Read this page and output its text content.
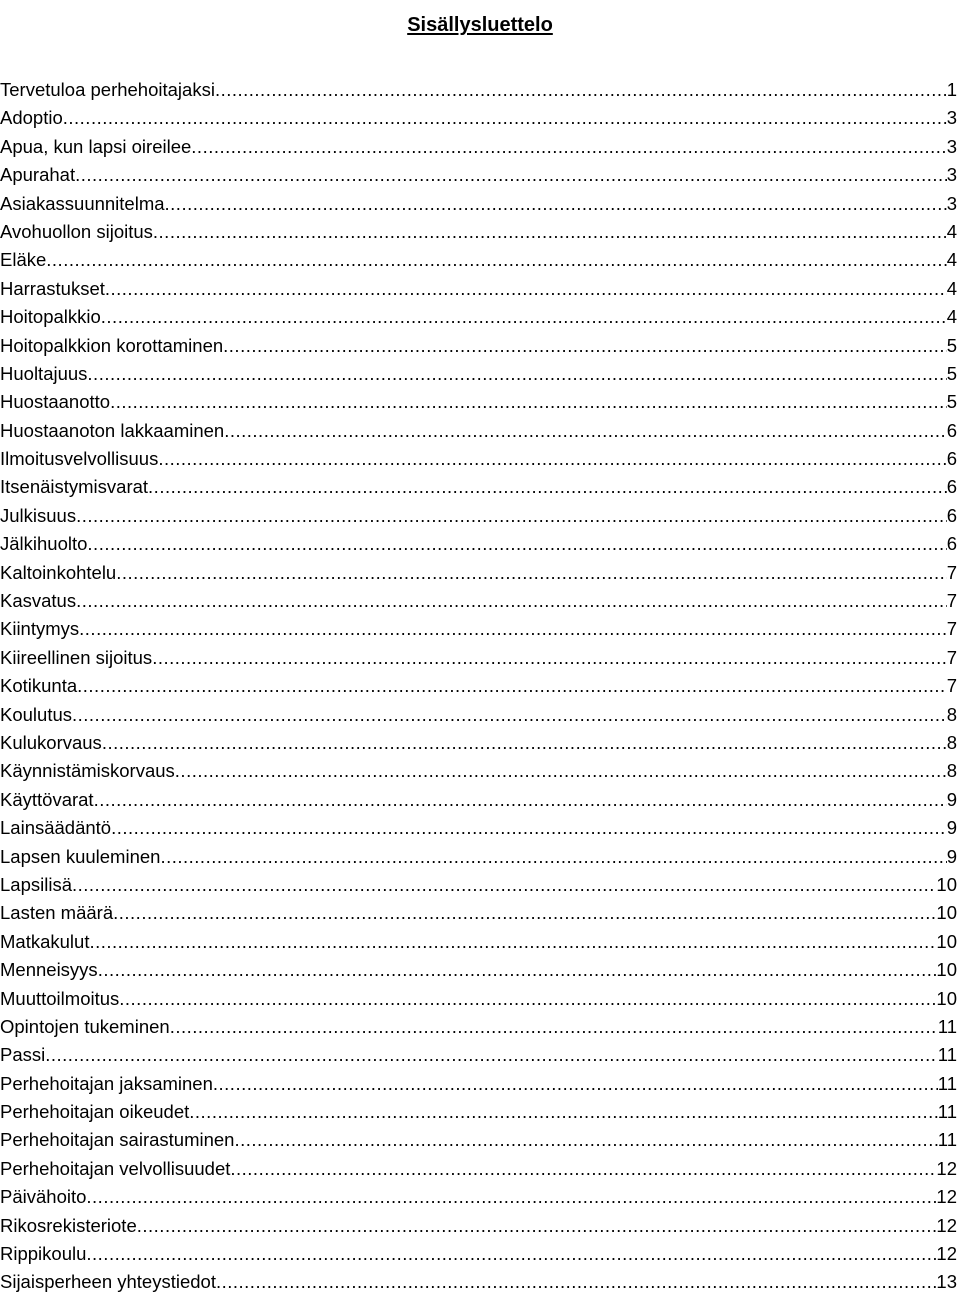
Sisällysluettelo
Tervetuloa perhehoitajaksi .....	1
Adoptio .....	3
Apua, kun lapsi oireilee .....	3
Apurahat .....	3
Asiakassuunnitelma .....	3
Avohuollon sijoitus .....	4
Eläke .....	4
Harrastukset .....	4
Hoitopalkkio .....	4
Hoitopalkkion korottaminen .....	5
Huoltajuus .....	5
Huostaanotto .....	5
Huostaanoton lakkaaminen .....	6
Ilmoitusvelvollisuus .....	6
Itsenäistymisvarat .....	6
Julkisuus .....	6
Jälkihuolto .....	6
Kaltoinkohtelu .....	7
Kasvatus .....	7
Kiintymys .....	7
Kiireellinen sijoitus .....	7
Kotikunta .....	7
Koulutus .....	8
Kulukorvaus .....	8
Käynnistämiskorvaus .....	8
Käyttövarat .....	9
Lainsäädäntö .....	9
Lapsen kuuleminen .....	9
Lapsilisä .....	10
Lasten määrä .....	10
Matkakulut .....	10
Menneisyys .....	10
Muuttoilmoitus .....	10
Opintojen tukeminen .....	11
Passi .....	11
Perhehoitajan jaksaminen .....	11
Perhehoitajan oikeudet .....	11
Perhehoitajan sairastuminen .....	11
Perhehoitajan velvollisuudet .....	12
Päivähoito .....	12
Rikosrekisteriote .....	12
Rippikoulu .....	12
Sijaisperheen yhteystiedot .....	13
